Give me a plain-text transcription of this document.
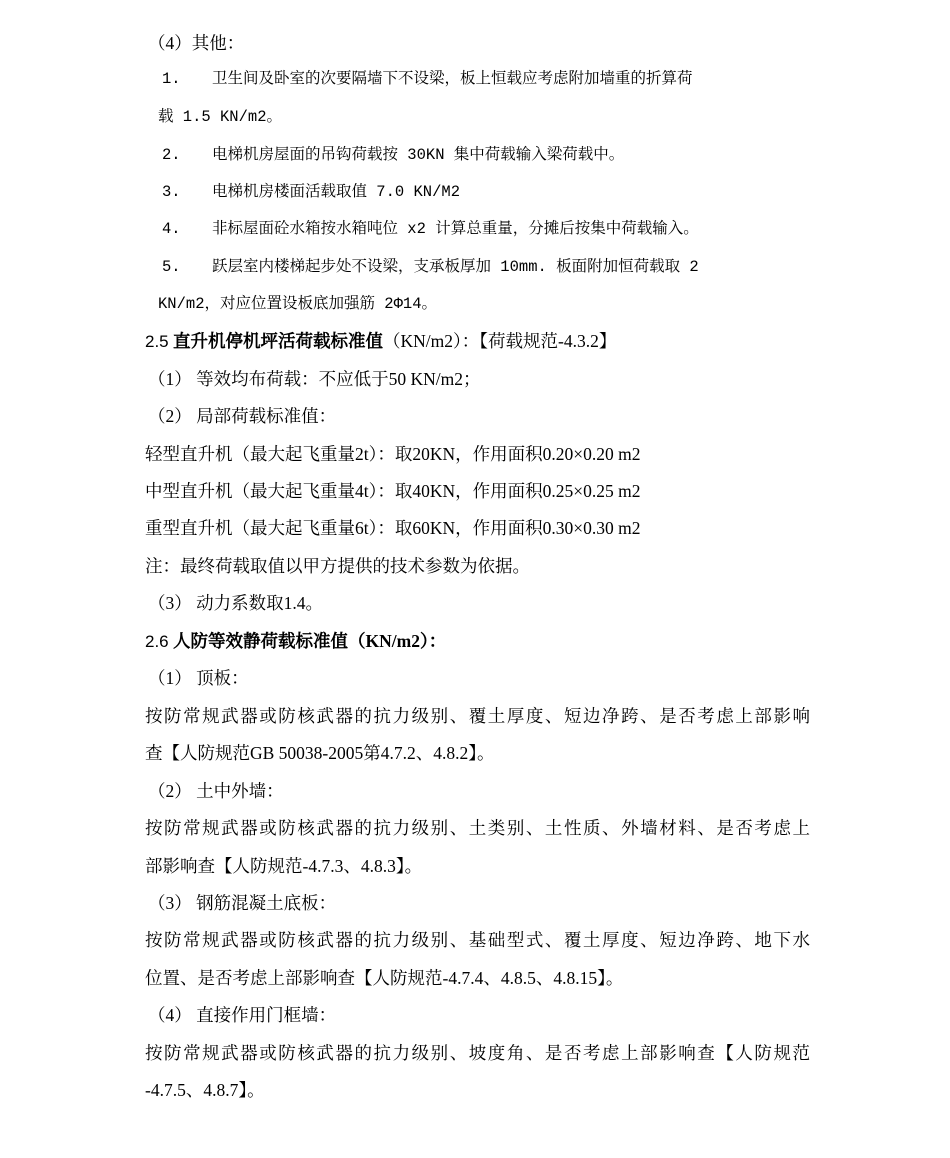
（4）其他：
1. 卫生间及卧室的次要隔墙下不设梁，板上恒载应考虑附加墙重的折算荷
载 1.5 KN/m2。
2. 电梯机房屋面的吊钩荷载按 30KN 集中荷载输入梁荷载中。
3. 电梯机房楼面活载取值 7.0 KN/M2
4. 非标屋面砼水箱按水箱吨位 x2 计算总重量，分摊后按集中荷载输入。
5. 跃层室内楼梯起步处不设梁，支承板厚加 10mm. 板面附加恒荷载取 2
KN/m2，对应位置设板底加强筋 2Φ14。
2.5 直升机停机坪活荷载标准值（KN/m2）：【荷载规范-4.3.2】
（1） 等效均布荷载：不应低于50 KN/m2；
（2） 局部荷载标准值：
轻型直升机（最大起飞重量2t）：取20KN，作用面积0.20×0.20 m2
中型直升机（最大起飞重量4t）：取40KN，作用面积0.25×0.25 m2
重型直升机（最大起飞重量6t）：取60KN，作用面积0.30×0.30 m2
注：最终荷载取值以甲方提供的技术参数为依据。
（3） 动力系数取1.4。
2.6 人防等效静荷载标准值（KN/m2）：
（1） 顶板：
按防常规武器或防核武器的抗力级别、覆土厚度、短边净跨、是否考虑上部影响
查【人防规范GB 50038-2005第4.7.2、4.8.2】。
（2） 土中外墙：
按防常规武器或防核武器的抗力级别、土类别、土性质、外墙材料、是否考虑上
部影响查【人防规范-4.7.3、4.8.3】。
（3） 钢筋混凝土底板：
按防常规武器或防核武器的抗力级别、基础型式、覆土厚度、短边净跨、地下水
位置、是否考虑上部影响查【人防规范-4.7.4、4.8.5、4.8.15】。
（4） 直接作用门框墙：
按防常规武器或防核武器的抗力级别、坡度角、是否考虑上部影响查【人防规范
-4.7.5、4.8.7】。
